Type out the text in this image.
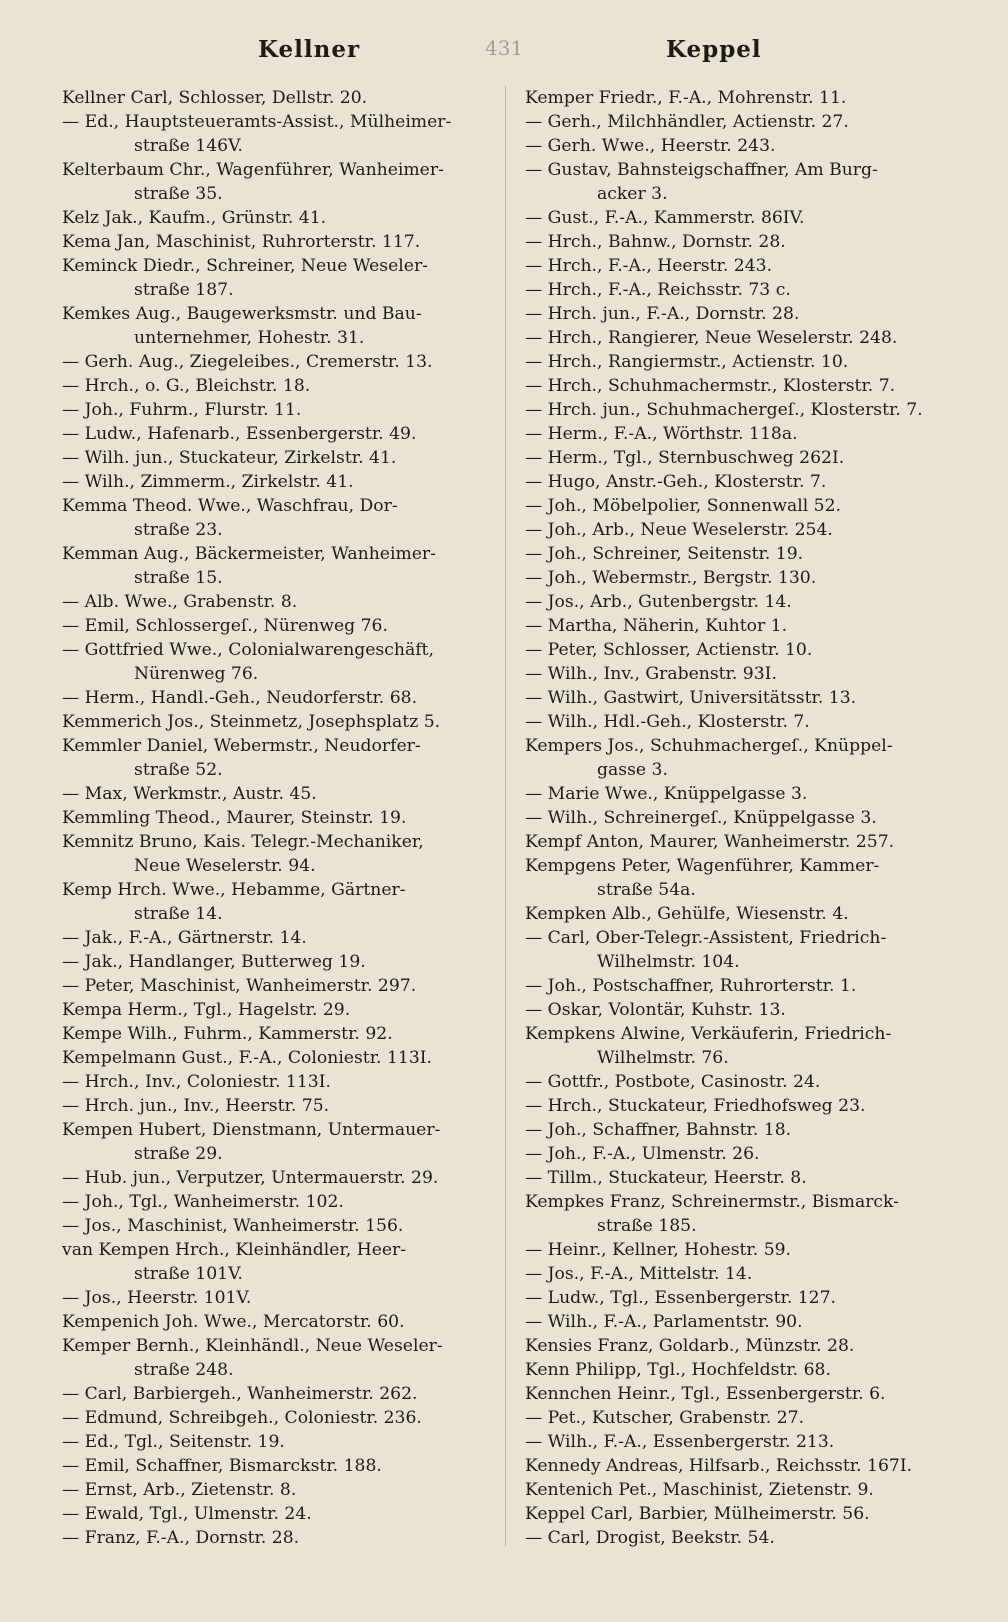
Kellner	431	Keppel
Kellner Carl, Schlosser, Dellstr. 20.
— Ed., Hauptsteueramts-Assist., Mülheimer-
straße 146V.
Kelterbaum Chr., Wagenführer, Wanheimer-
straße 35.
Kelz Jak., Kaufm., Grünstr. 41.
Kema Jan, Maschinist, Ruhrorterstr. 117.
Keminck Diedr., Schreiner, Neue Weseler-
straße 187.
Kemkes Aug., Baugewerksmstr. und Bau-
unternehmer, Hohestr. 31.
— Gerh. Aug., Ziegeleibes., Cremerstr. 13.
— Hrch., o. G., Bleichstr. 18.
— Joh., Fuhrm., Flurstr. 11.
— Ludw., Hafenarb., Essenbergerstr. 49.
— Wilh. jun., Stuckateur, Zirkelstr. 41.
— Wilh., Zimmerm., Zirkelstr. 41.
Kemma Theod. Wwe., Waschfrau, Dor-
straße 23.
Kemman Aug., Bäckermeister, Wanheimer-
straße 15.
— Alb. Wwe., Grabenstr. 8.
— Emil, Schlossergeſ., Nürenweg 76.
— Gottfried Wwe., Colonialwarengeschäft,
Nürenweg 76.
— Herm., Handl.-Geh., Neudorferstr. 68.
Kemmerich Jos., Steinmetz, Josephsplatz 5.
Kemmler Daniel, Webermstr., Neudorfer-
straße 52.
— Max, Werkmstr., Austr. 45.
Kemmling Theod., Maurer, Steinstr. 19.
Kemnitz Bruno, Kais. Telegr.-Mechaniker,
Neue Weselerstr. 94.
Kemp Hrch. Wwe., Hebamme, Gärtner-
straße 14.
— Jak., F.-A., Gärtnerstr. 14.
— Jak., Handlanger, Butterweg 19.
— Peter, Maschinist, Wanheimerstr. 297.
Kempa Herm., Tgl., Hagelstr. 29.
Kempe Wilh., Fuhrm., Kammerstr. 92.
Kempelmann Gust., F.-A., Coloniestr. 113I.
— Hrch., Inv., Coloniestr. 113I.
— Hrch. jun., Inv., Heerstr. 75.
Kempen Hubert, Dienstmann, Untermauer-
straße 29.
— Hub. jun., Verputzer, Untermauerstr. 29.
— Joh., Tgl., Wanheimerstr. 102.
— Jos., Maschinist, Wanheimerstr. 156.
van Kempen Hrch., Kleinhändler, Heer-
straße 101V.
— Jos., Heerstr. 101V.
Kempenich Joh. Wwe., Mercatorstr. 60.
Kemper Bernh., Kleinhändl., Neue Weseler-
straße 248.
— Carl, Barbiergeh., Wanheimerstr. 262.
— Edmund, Schreibgeh., Coloniestr. 236.
— Ed., Tgl., Seitenstr. 19.
— Emil, Schaffner, Bismarckstr. 188.
— Ernst, Arb., Zietenstr. 8.
— Ewald, Tgl., Ulmenstr. 24.
— Franz, F.-A., Dornstr. 28.
Kemper Friedr., F.-A., Mohrenstr. 11.
— Gerh., Milchhändler, Actienstr. 27.
— Gerh. Wwe., Heerstr. 243.
— Gustav, Bahnsteigschaffner, Am Burg-
acker 3.
— Gust., F.-A., Kammerstr. 86IV.
— Hrch., Bahnw., Dornstr. 28.
— Hrch., F.-A., Heerstr. 243.
— Hrch., F.-A., Reichsstr. 73 c.
— Hrch. jun., F.-A., Dornstr. 28.
— Hrch., Rangierer, Neue Weselerstr. 248.
— Hrch., Rangiermstr., Actienstr. 10.
— Hrch., Schuhmachermstr., Klosterstr. 7.
— Hrch. jun., Schuhmachergeſ., Klosterstr. 7.
— Herm., F.-A., Wörthstr. 118a.
— Herm., Tgl., Sternbuschweg 262I.
— Hugo, Anstr.-Geh., Klosterstr. 7.
— Joh., Möbelpolier, Sonnenwall 52.
— Joh., Arb., Neue Weselerstr. 254.
— Joh., Schreiner, Seitenstr. 19.
— Joh., Webermstr., Bergstr. 130.
— Jos., Arb., Gutenbergstr. 14.
— Martha, Näherin, Kuhtor 1.
— Peter, Schlosser, Actienstr. 10.
— Wilh., Inv., Grabenstr. 93I.
— Wilh., Gastwirt, Universitätsstr. 13.
— Wilh., Hdl.-Geh., Klosterstr. 7.
Kempers Jos., Schuhmachergeſ., Knüppel-
gasse 3.
— Marie Wwe., Knüppelgasse 3.
— Wilh., Schreinergeſ., Knüppelgasse 3.
Kempf Anton, Maurer, Wanheimerstr. 257.
Kempgens Peter, Wagenführer, Kammer-
straße 54a.
Kempken Alb., Gehülfe, Wiesenstr. 4.
— Carl, Ober-Telegr.-Assistent, Friedrich-
Wilhelmstr. 104.
— Joh., Postschaffner, Ruhrorterstr. 1.
— Oskar, Volontär, Kuhstr. 13.
Kempkens Alwine, Verkäuferin, Friedrich-
Wilhelmstr. 76.
— Gottfr., Postbote, Casinostr. 24.
— Hrch., Stuckateur, Friedhofsweg 23.
— Joh., Schaffner, Bahnstr. 18.
— Joh., F.-A., Ulmenstr. 26.
— Tillm., Stuckateur, Heerstr. 8.
Kempkes Franz, Schreinermstr., Bismarck-
straße 185.
— Heinr., Kellner, Hohestr. 59.
— Jos., F.-A., Mittelstr. 14.
— Ludw., Tgl., Essenbergerstr. 127.
— Wilh., F.-A., Parlamentstr. 90.
Kensies Franz, Goldarb., Münzstr. 28.
Kenn Philipp, Tgl., Hochfeldstr. 68.
Kennchen Heinr., Tgl., Essenbergerstr. 6.
— Pet., Kutscher, Grabenstr. 27.
— Wilh., F.-A., Essenbergerstr. 213.
Kennedy Andreas, Hilfsarb., Reichsstr. 167I.
Kentenich Pet., Maschinist, Zietenstr. 9.
Keppel Carl, Barbier, Mülheimerstr. 56.
— Carl, Drogist, Beekstr. 54.
